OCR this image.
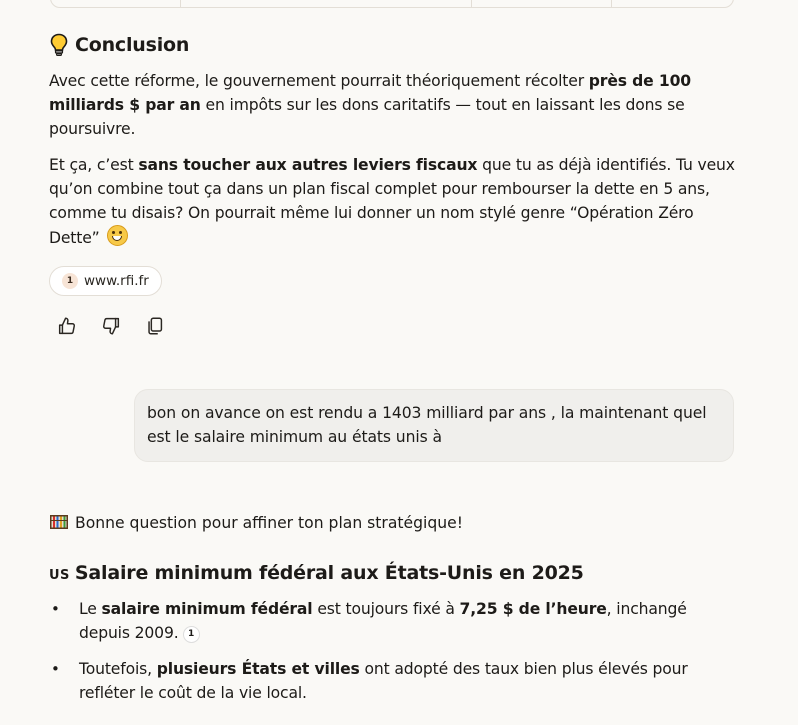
Conclusion
Avec cette réforme, le gouvernement pourrait théoriquement récolter près de 100 milliards $ par an en impôts sur les dons caritatifs — tout en laissant les dons se poursuivre.
Et ça, c’est sans toucher aux autres leviers fiscaux que tu as déjà identifiés. Tu veux qu’on combine tout ça dans un plan fiscal complet pour rembourser la dette en 5 ans, comme tu disais? On pourrait même lui donner un nom stylé genre “Opération Zéro Dette”
1 www.rfi.fr
bon on avance on est rendu a 1403 milliard par ans , la maintenant quel est le salaire minimum au états unis à
Bonne question pour affiner ton plan stratégique!
US Salaire minimum fédéral aux États-Unis en 2025
• Le salaire minimum fédéral est toujours fixé à 7,25 $ de l’heure, inchangé depuis 2009. 1
• Toutefois, plusieurs États et villes ont adopté des taux bien plus élevés pour refléter le coût de la vie local.
